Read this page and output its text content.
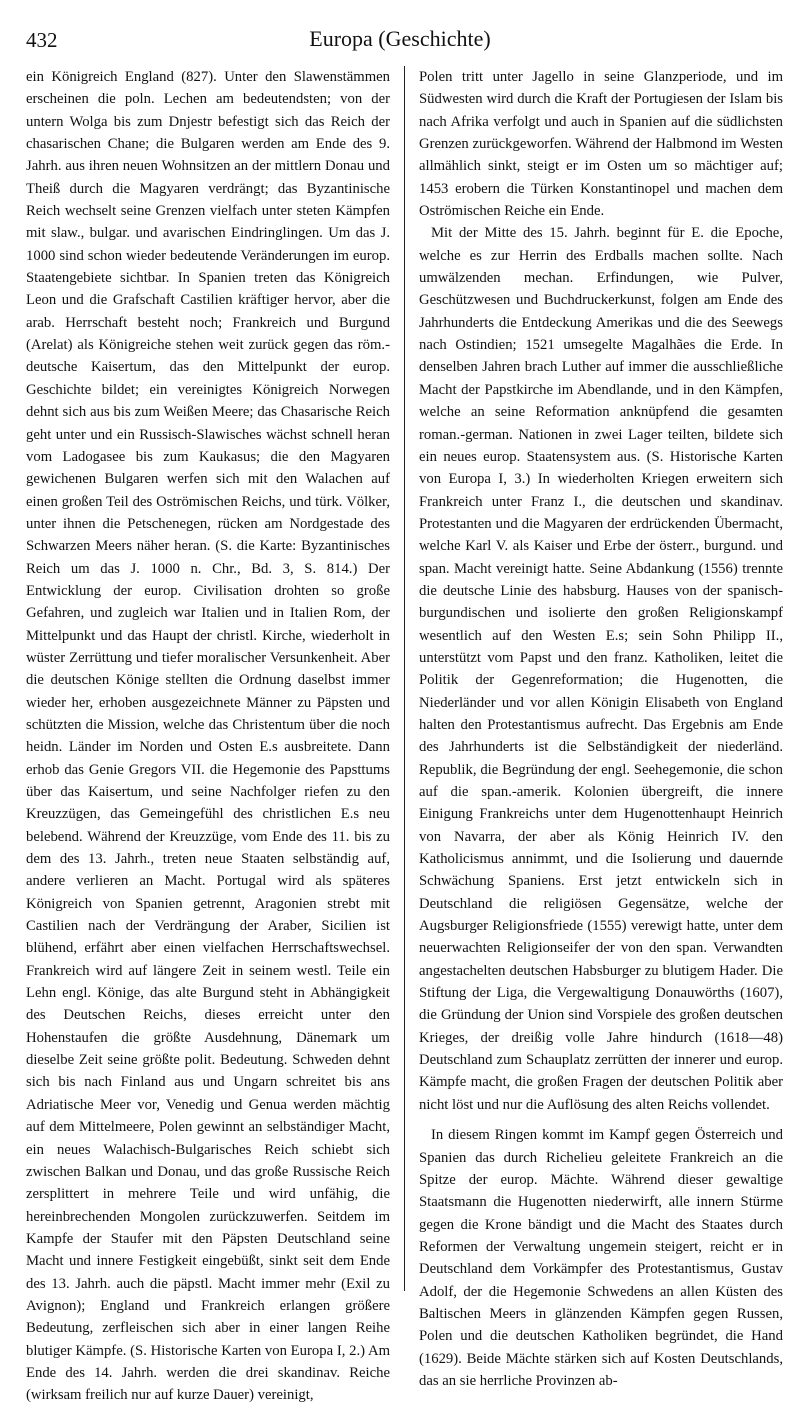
432	Europa (Geschichte)

ein Königreich England (827). Unter den Slawenstämmen erscheinen die poln. Lechen am bedeutendsten; von der untern Wolga bis zum Dnjestr befestigt sich das Reich der chasarischen Chane; die Bulgaren werden am Ende des 9. Jahrh. aus ihren neuen Wohnsitzen an der mittlern Donau und Theiß durch die Magyaren verdrängt; das Byzantinische Reich wechselt seine Grenzen vielfach unter steten Kämpfen mit slaw., bulgar. und avarischen Eindringlingen. Um das J. 1000 sind schon wieder bedeutende Veränderungen im europ. Staatengebiete sichtbar. In Spanien treten das Königreich Leon und die Grafschaft Castilien kräftiger hervor, aber die arab. Herrschaft besteht noch; Frankreich und Burgund (Arelat) als Königreiche stehen weit zurück gegen das röm.-deutsche Kaisertum, das den Mittelpunkt der europ. Geschichte bildet; ein vereinigtes Königreich Norwegen dehnt sich aus bis zum Weißen Meere; das Chasarische Reich geht unter und ein Russisch-Slawisches wächst schnell heran vom Ladogasee bis zum Kaukasus; die den Magyaren gewichenen Bulgaren werfen sich mit den Walachen auf einen großen Teil des Oströmischen Reichs, und türk. Völker, unter ihnen die Petschenegen, rücken am Nordgestade des Schwarzen Meers näher heran. (S. die Karte: Byzantinisches Reich um das J. 1000 n. Chr., Bd. 3, S. 814.) Der Entwicklung der europ. Civilisation drohten so große Gefahren, und zugleich war Italien und in Italien Rom, der Mittelpunkt und das Haupt der christl. Kirche, wiederholt in wüster Zerrüttung und tiefer moralischer Versunkenheit. Aber die deutschen Könige stellten die Ordnung daselbst immer wieder her, erhoben ausgezeichnete Männer zu Päpsten und schützten die Mission, welche das Christentum über die noch heidn. Länder im Norden und Osten E.s ausbreitete. Dann erhob das Genie Gregors VII. die Hegemonie des Papsttums über das Kaisertum, und seine Nachfolger riefen zu den Kreuzzügen, das Gemeingefühl des christlichen E.s neu belebend. Während der Kreuzzüge, vom Ende des 11. bis zu dem des 13. Jahrh., treten neue Staaten selbständig auf, andere verlieren an Macht. Portugal wird als späteres Königreich von Spanien getrennt, Aragonien strebt mit Castilien nach der Verdrängung der Araber, Sicilien ist blühend, erfährt aber einen vielfachen Herrschaftswechsel. Frankreich wird auf längere Zeit in seinem westl. Teile ein Lehn engl. Könige, das alte Burgund steht in Abhängigkeit des Deutschen Reichs, dieses erreicht unter den Hohenstaufen die größte Ausdehnung, Dänemark um dieselbe Zeit seine größte polit. Bedeutung. Schweden dehnt sich bis nach Finland aus und Ungarn schreitet bis ans Adriatische Meer vor, Venedig und Genua werden mächtig auf dem Mittelmeere, Polen gewinnt an selbständiger Macht, ein neues Walachisch-Bulgarisches Reich schiebt sich zwischen Balkan und Donau, und das große Russische Reich zersplittert in mehrere Teile und wird unfähig, die hereinbrechenden Mongolen zurückzuwerfen. Seitdem im Kampfe der Staufer mit den Päpsten Deutschland seine Macht und innere Festigkeit eingebüßt, sinkt seit dem Ende des 13. Jahrh. auch die päpstl. Macht immer mehr (Exil zu Avignon); England und Frankreich erlangen größere Bedeutung, zerfleischen sich aber in einer langen Reihe blutiger Kämpfe. (S. Historische Karten von Europa I, 2.) Am Ende des 14. Jahrh. werden die drei skandinav. Reiche (wirksam freilich nur auf kurze Dauer) vereinigt,

Polen tritt unter Jagello in seine Glanzperiode, und im Südwesten wird durch die Kraft der Portugiesen der Islam bis nach Afrika verfolgt und auch in Spanien auf die südlichsten Grenzen zurückgeworfen. Während der Halbmond im Westen allmählich sinkt, steigt er im Osten um so mächtiger auf; 1453 erobern die Türken Konstantinopel und machen dem Oströmischen Reiche ein Ende.

Mit der Mitte des 15. Jahrh. beginnt für E. die Epoche, welche es zur Herrin des Erdballs machen sollte. Nach umwälzenden mechan. Erfindungen, wie Pulver, Geschützwesen und Buchdruckerkunst, folgen am Ende des Jahrhunderts die Entdeckung Amerikas und die des Seewegs nach Ostindien; 1521 umsegelte Magalhães die Erde. In denselben Jahren brach Luther auf immer die ausschließliche Macht der Papstkirche im Abendlande, und in den Kämpfen, welche an seine Reformation anknüpfend die gesamten roman.-german. Nationen in zwei Lager teilten, bildete sich ein neues europ. Staatensystem aus. (S. Historische Karten von Europa I, 3.) In wiederholten Kriegen erweitern sich Frankreich unter Franz I., die deutschen und skandinav. Protestanten und die Magyaren der erdrückenden Übermacht, welche Karl V. als Kaiser und Erbe der österr., burgund. und span. Macht vereinigt hatte. Seine Abdankung (1556) trennte die deutsche Linie des habsburg. Hauses von der spanisch-burgundischen und isolierte den großen Religionskampf wesentlich auf den Westen E.s; sein Sohn Philipp II., unterstützt vom Papst und den franz. Katholiken, leitet die Politik der Gegenreformation; die Hugenotten, die Niederländer und vor allen Königin Elisabeth von England halten den Protestantismus aufrecht. Das Ergebnis am Ende des Jahrhunderts ist die Selbständigkeit der niederländ. Republik, die Begründung der engl. Seehegemonie, die schon auf die span.-amerik. Kolonien übergreift, die innere Einigung Frankreichs unter dem Hugenottenhaupt Heinrich von Navarra, der aber als König Heinrich IV. den Katholicismus annimmt, und die Isolierung und dauernde Schwächung Spaniens. Erst jetzt entwickeln sich in Deutschland die religiösen Gegensätze, welche der Augsburger Religionsfriede (1555) verewigt hatte, unter dem neuerwachten Religionseifer der von den span. Verwandten angestachelten deutschen Habsburger zu blutigem Hader. Die Stiftung der Liga, die Vergewaltigung Donauwörths (1607), die Gründung der Union sind Vorspiele des großen deutschen Krieges, der dreißig volle Jahre hindurch (1618—48) Deutschland zum Schauplatz zerrütten der innerer und europ. Kämpfe macht, die großen Fragen der deutschen Politik aber nicht löst und nur die Auflösung des alten Reichs vollendet.

In diesem Ringen kommt im Kampf gegen Österreich und Spanien das durch Richelieu geleitete Frankreich an die Spitze der europ. Mächte. Während dieser gewaltige Staatsmann die Hugenotten niederwirft, alle innern Stürme gegen die Krone bändigt und die Macht des Staates durch Reformen der Verwaltung ungemein steigert, reicht er in Deutschland dem Vorkämpfer des Protestantismus, Gustav Adolf, der die Hegemonie Schwedens an allen Küsten des Baltischen Meers in glänzenden Kämpfen gegen Russen, Polen und die deutschen Katholiken begründet, die Hand (1629). Beide Mächte stärken sich auf Kosten Deutschlands, das an sie herrliche Provinzen ab-
